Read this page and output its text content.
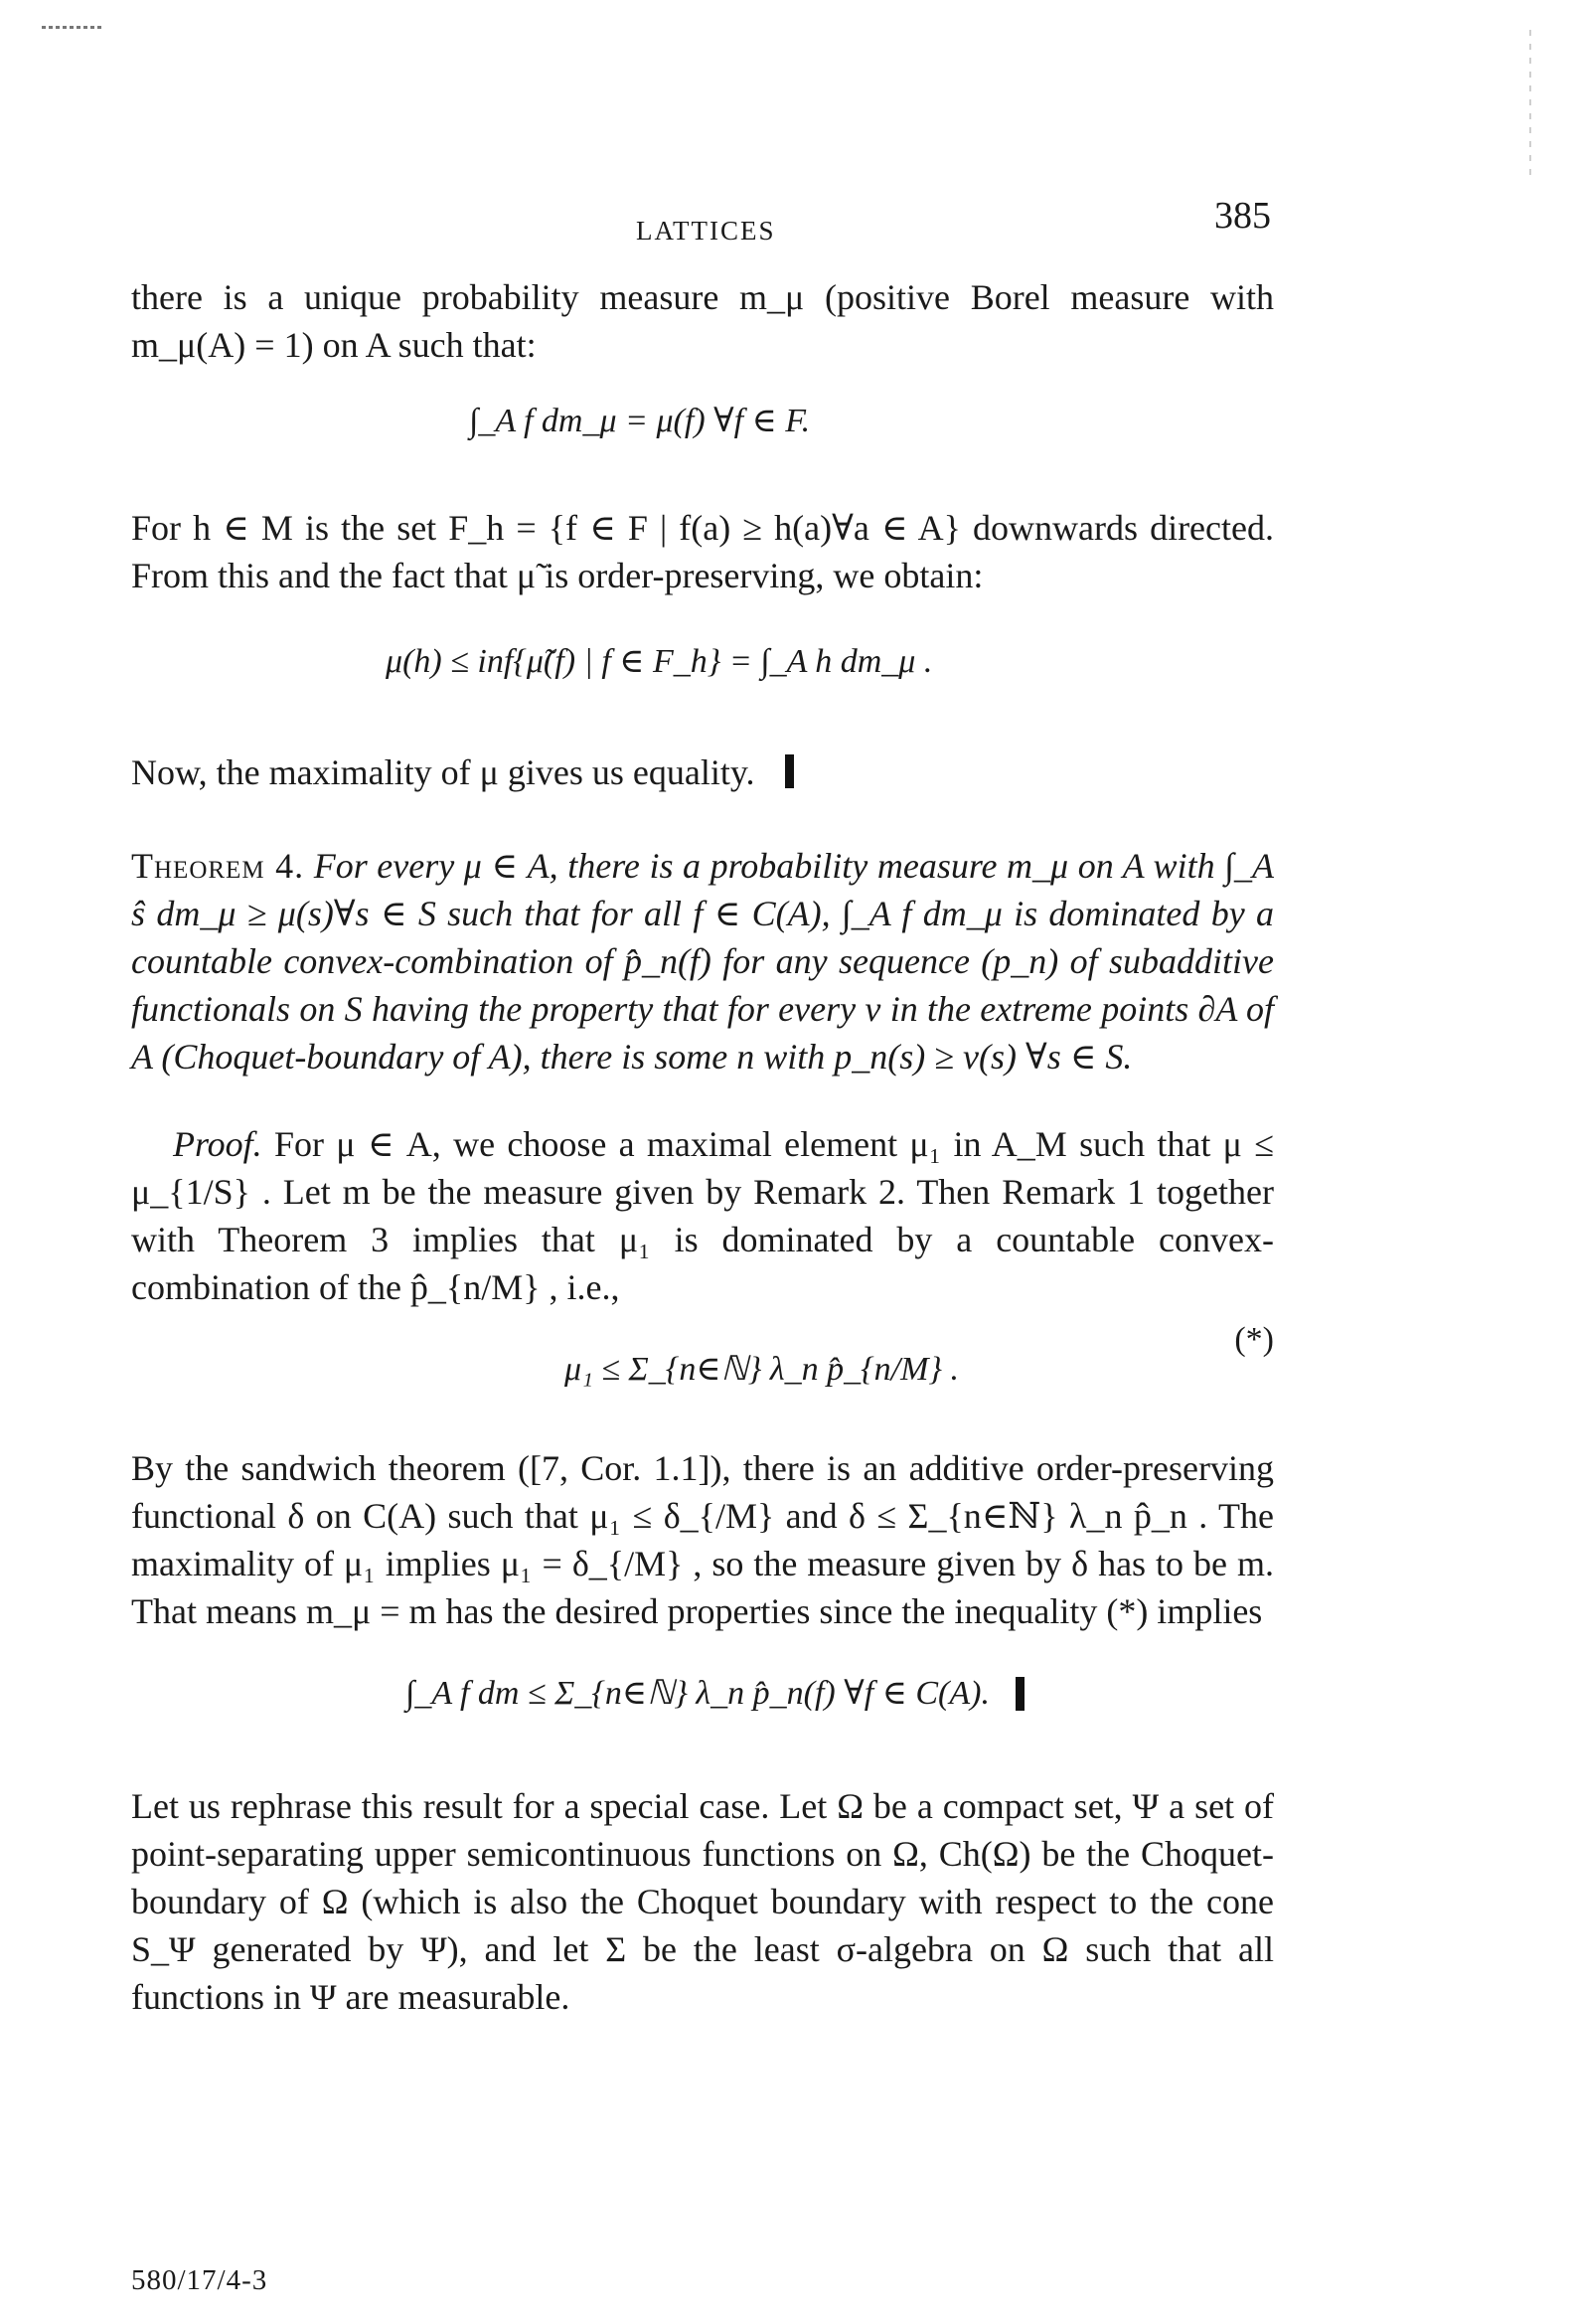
LATTICES	385

there is a unique probability measure m_μ (positive Borel measure with m_μ(A) = 1) on A such that:

∫_A f dm_μ = μ(f) ∀f ∈ F.

For h ∈ M is the set F_h = {f ∈ F | f(a) ≥ h(a)∀a ∈ A} downwards directed. From this and the fact that μ̃ is order-preserving, we obtain:

μ(h) ≤ inf{μ̃(f) | f ∈ F_h} = ∫_A h dm_μ .

Now, the maximality of μ gives us equality.

Theorem 4. For every μ ∈ A, there is a probability measure m_μ on A with ∫_A ŝ dm_μ ≥ μ(s)∀s ∈ S such that for all f ∈ C(A), ∫_A f dm_μ is dominated by a countable convex-combination of p̂_n(f) for any sequence (p_n) of subadditive functionals on S having the property that for every ν in the extreme points ∂A of A (Choquet-boundary of A), there is some n with p_n(s) ≥ ν(s) ∀s ∈ S.

Proof. For μ ∈ A, we choose a maximal element μ₁ in A_M such that μ ≤ μ_{1/S} . Let m be the measure given by Remark 2. Then Remark 1 together with Theorem 3 implies that μ₁ is dominated by a countable convex-combination of the p̂_{n/M} , i.e.,

μ₁ ≤ Σ_{n∈ℕ} λ_n p̂_{n/M} .
(*)

By the sandwich theorem ([7, Cor. 1.1]), there is an additive order-preserving functional δ on C(A) such that μ₁ ≤ δ_{/M} and δ ≤ Σ_{n∈ℕ} λ_n p̂_n . The maximality of μ₁ implies μ₁ = δ_{/M} , so the measure given by δ has to be m. That means m_μ = m has the desired properties since the inequality (*) implies

∫_A f dm ≤ Σ_{n∈ℕ} λ_n p̂_n(f) ∀f ∈ C(A).

Let us rephrase this result for a special case. Let Ω be a compact set, Ψ a set of point-separating upper semicontinuous functions on Ω, Ch(Ω) be the Choquet-boundary of Ω (which is also the Choquet boundary with respect to the cone S_Ψ generated by Ψ), and let Σ be the least σ-algebra on Ω such that all functions in Ψ are measurable.

580/17/4-3
